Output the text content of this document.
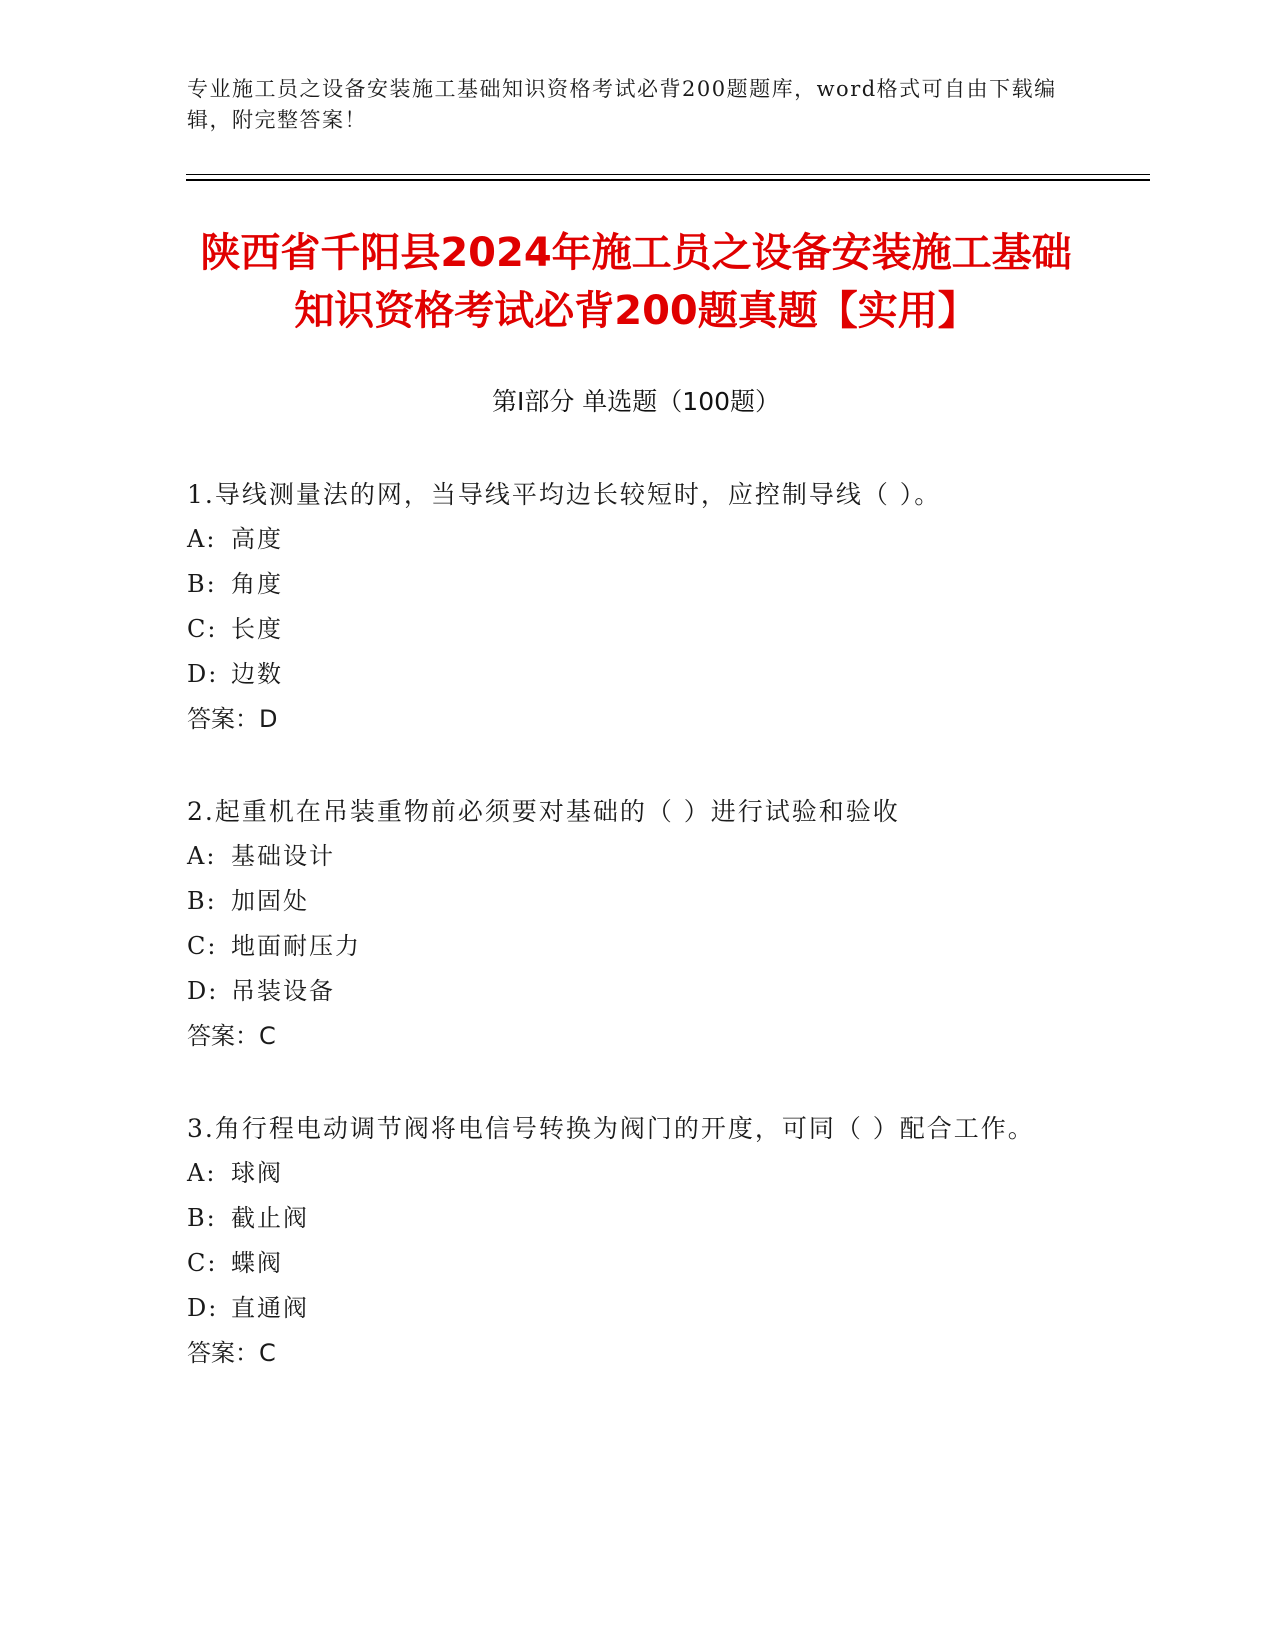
专业施工员之设备安装施工基础知识资格考试必背200题题库，word格式可自由下载编辑，附完整答案！
陕西省千阳县2024年施工员之设备安装施工基础知识资格考试必背200题真题【实用】
第Ⅰ部分 单选题（100题）
1.导线测量法的网，当导线平均边长较短时，应控制导线（ ）。
A: 高度
B: 角度
C: 长度
D: 边数
答案：D
2.起重机在吊装重物前必须要对基础的（ ）进行试验和验收
A: 基础设计
B: 加固处
C: 地面耐压力
D: 吊装设备
答案：C
3.角行程电动调节阀将电信号转换为阀门的开度，可同（ ）配合工作。
A: 球阀
B: 截止阀
C: 蝶阀
D: 直通阀
答案：C
